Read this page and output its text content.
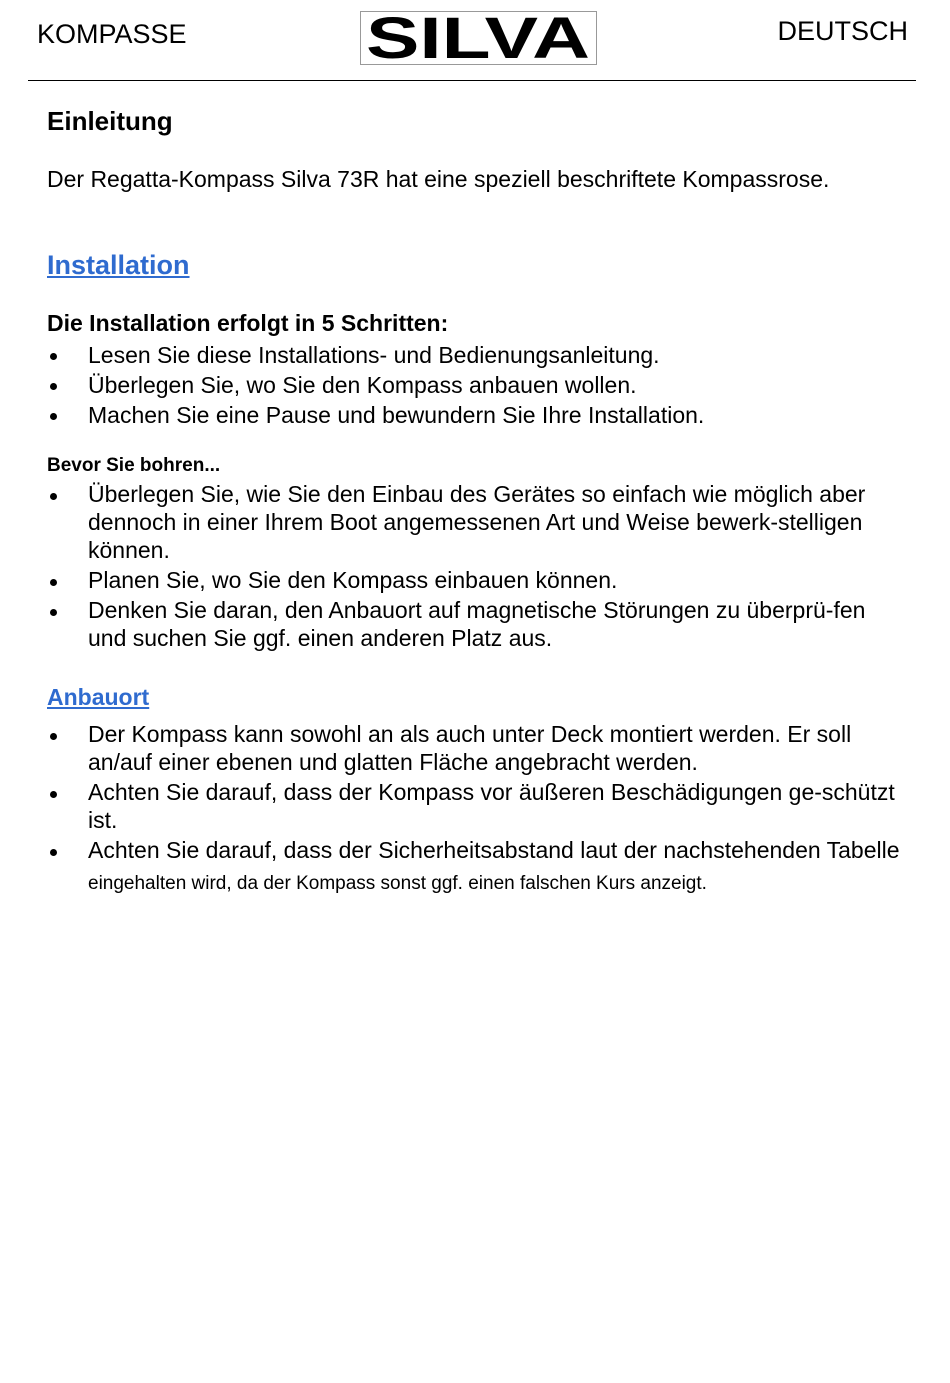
KOMPASSE	SILVA	DEUTSCH
Einleitung

Der Regatta-Kompass Silva 73R hat eine speziell beschriftete Kompassrose.

Installation
Die Installation erfolgt in 5 Schritten:
Lesen Sie diese Installations- und Bedienungsanleitung.
Überlegen Sie, wo Sie den Kompass anbauen wollen.
Machen Sie eine Pause und bewundern Sie Ihre Installation.
Bevor Sie bohren...
Überlegen Sie, wie Sie den Einbau des Gerätes so einfach wie möglich aber dennoch in einer Ihrem Boot angemessenen Art und Weise bewerk-stelligen können.
Planen Sie, wo Sie den Kompass einbauen können.
Denken Sie daran, den Anbauort auf magnetische Störungen zu überprü-fen und suchen Sie ggf. einen anderen Platz aus.
Anbauort
Der Kompass kann sowohl an als auch unter Deck montiert werden. Er soll an/auf einer ebenen und glatten Fläche angebracht werden.
Achten Sie darauf, dass der Kompass vor äußeren Beschädigungen ge-schützt ist.
Achten Sie darauf, dass der Sicherheitsabstand laut der nachstehenden Tabelle eingehalten wird, da der Kompass sonst ggf. einen falschen Kurs anzeigt.
